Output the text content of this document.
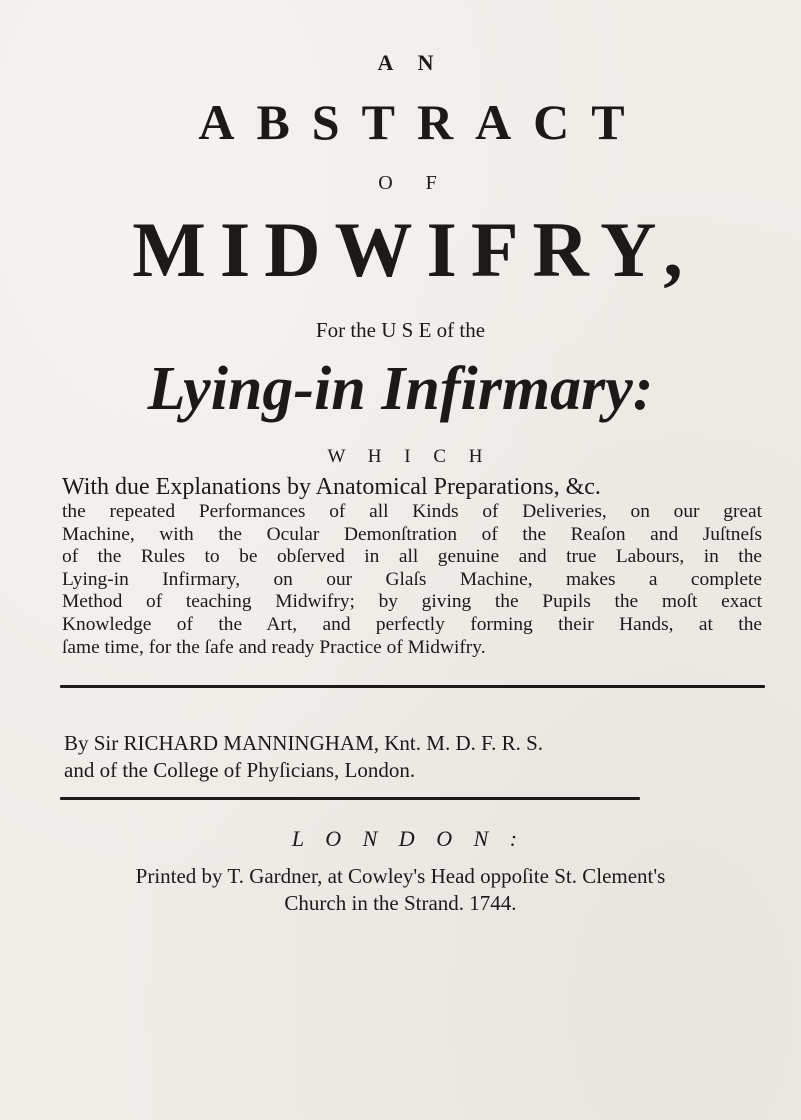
A N
ABSTRACT
O F
MIDWIFRY,
For the U S E of the
Lying-in Infirmary:
W H I C H
With due Explanations by Anatomical Preparations, &c.
the repeated Performances of all Kinds of Deliveries, on our great
Machine, with the Ocular Demonſtration of the Reaſon and Juſtneſs
of the Rules to be obſerved in all genuine and true Labours, in the
Lying-in Infirmary, on our Glaſs Machine, makes a complete
Method of teaching Midwifry; by giving the Pupils the moſt exact
Knowledge of the Art, and perfectly forming their Hands, at the
ſame time, for the ſafe and ready Practice of Midwifry.
By Sir RICHARD MANNINGHAM, Knt. M. D. F. R. S.
and of the College of Phyſicians, London.
L O N D O N :
Printed by T. Gardner, at Cowley's Head oppoſite St. Clement's
Church in the Strand. 1744.
